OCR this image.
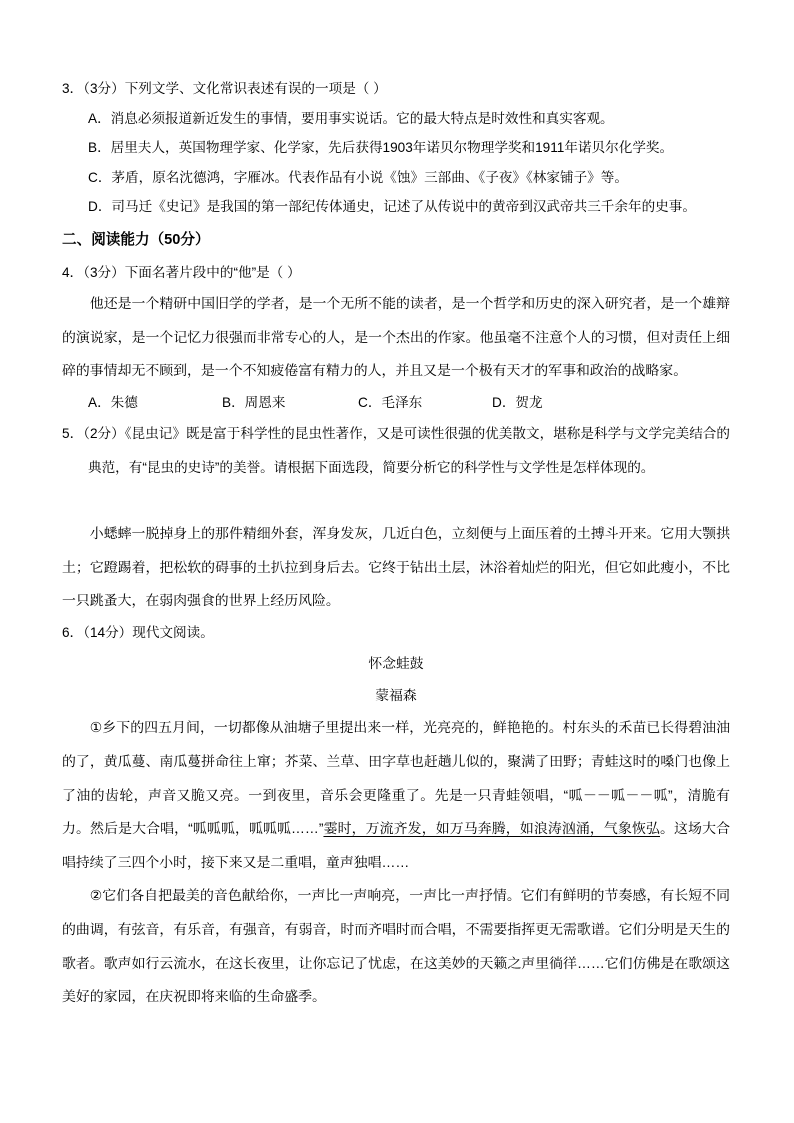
3．（3分）下列文学、文化常识表述有误的一项是（ ）
A．消息必须报道新近发生的事情，要用事实说话。它的最大特点是时效性和真实客观。
B．居里夫人，英国物理学家、化学家，先后获得1903年诺贝尔物理学奖和1911年诺贝尔化学奖。
C．茅盾，原名沈德鸿，字雁冰。代表作品有小说《蚀》三部曲、《子夜》《林家铺子》等。
D．司马迁《史记》是我国的第一部纪传体通史，记述了从传说中的黄帝到汉武帝共三千余年的史事。
二、阅读能力（50分）
4．（3分）下面名著片段中的“他”是（ ）
他还是一个精研中国旧学的学者，是一个无所不能的读者，是一个哲学和历史的深入研究者，是一个雄辩的演说家，是一个记忆力很强而非常专心的人，是一个杰出的作家。他虽毫不注意个人的习惯，但对责任上细碎的事情却无不顾到，是一个不知疲倦富有精力的人，并且又是一个极有天才的军事和政治的战略家。
A．朱德	B．周恩来	C．毛泽东	D．贺龙
5．（2分）《昆虫记》既是富于科学性的昆虫性著作，又是可读性很强的优美散文，堪称是科学与文学完美结合的典范，有“昆虫的史诗”的美誉。请根据下面选段，简要分析它的科学性与文学性是怎样体现的。
小蟋蟀一脱掉身上的那件精细外套，浑身发灰，几近白色，立刻便与上面压着的土搏斗开来。它用大颚拱土；它蹬踢着，把松软的碍事的土扒拉到身后去。它终于钻出土层，沐浴着灿烂的阳光，但它如此瘦小，不比一只跳蚤大，在弱肉强食的世界上经历风险。
6．（14分）现代文阅读。
怀念蛙鼓
蒙福森
①乡下的四五月间，一切都像从油塘子里提出来一样，光亮亮的，鲜艳艳的。村东头的禾苗已长得碧油油的了，黄瓜蔓、南瓜蔓拼命往上窜；芥菜、兰草、田字草也赶趟儿似的，聚满了田野；青蛙这时的嗓门也像上了油的齿轮，声音又脆又亮。一到夜里，音乐会更隆重了。先是一只青蛙领唱，“呱－－呱－－呱”，清脆有力。然后是大合唱，“呱呱呱，呱呱呱……”霎时，万流齐发，如万马奔腾，如浪涛汹涌，气象恢弘。这场大合唱持续了三四个小时，接下来又是二重唱，童声独唱……
②它们各自把最美的音色献给你，一声比一声响亮，一声比一声抒情。它们有鲜明的节奏感，有长短不同的曲调，有弦音，有乐音，有强音，有弱音，时而齐唱时而合唱，不需要指挥更无需歌谱。它们分明是天生的歌者。歌声如行云流水，在这长夜里，让你忘记了忧虑，在这美妙的天籁之声里徜徉……它们仿佛是在歌颂这美好的家园，在庆祝即将来临的生命盛季。
